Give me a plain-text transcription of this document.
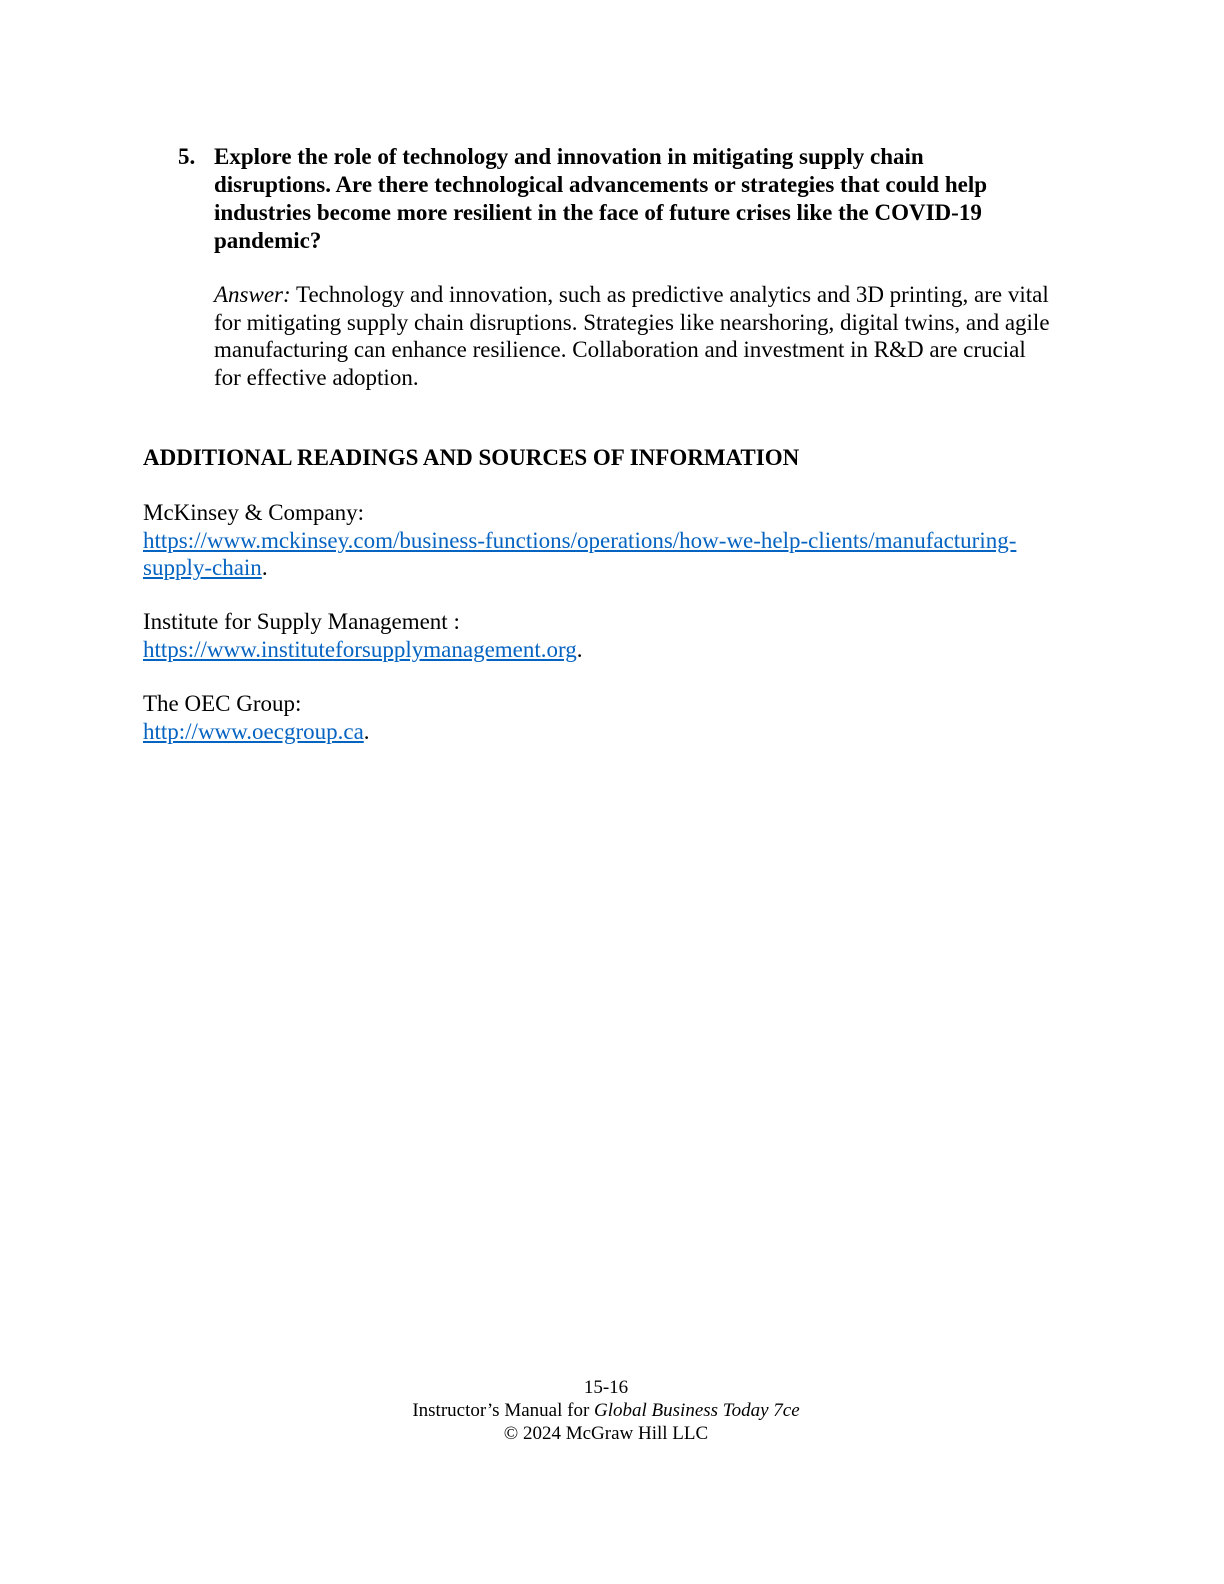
5. Explore the role of technology and innovation in mitigating supply chain disruptions. Are there technological advancements or strategies that could help industries become more resilient in the face of future crises like the COVID-19 pandemic?

Answer: Technology and innovation, such as predictive analytics and 3D printing, are vital for mitigating supply chain disruptions. Strategies like nearshoring, digital twins, and agile manufacturing can enhance resilience. Collaboration and investment in R&D are crucial for effective adoption.

ADDITIONAL READINGS AND SOURCES OF INFORMATION

McKinsey & Company:
https://www.mckinsey.com/business-functions/operations/how-we-help-clients/manufacturing-supply-chain.

Institute for Supply Management :
https://www.instituteforsupplymanagement.org.

The OEC Group:
http://www.oecgroup.ca.

15-16
Instructor’s Manual for Global Business Today 7ce
© 2024 McGraw Hill LLC
